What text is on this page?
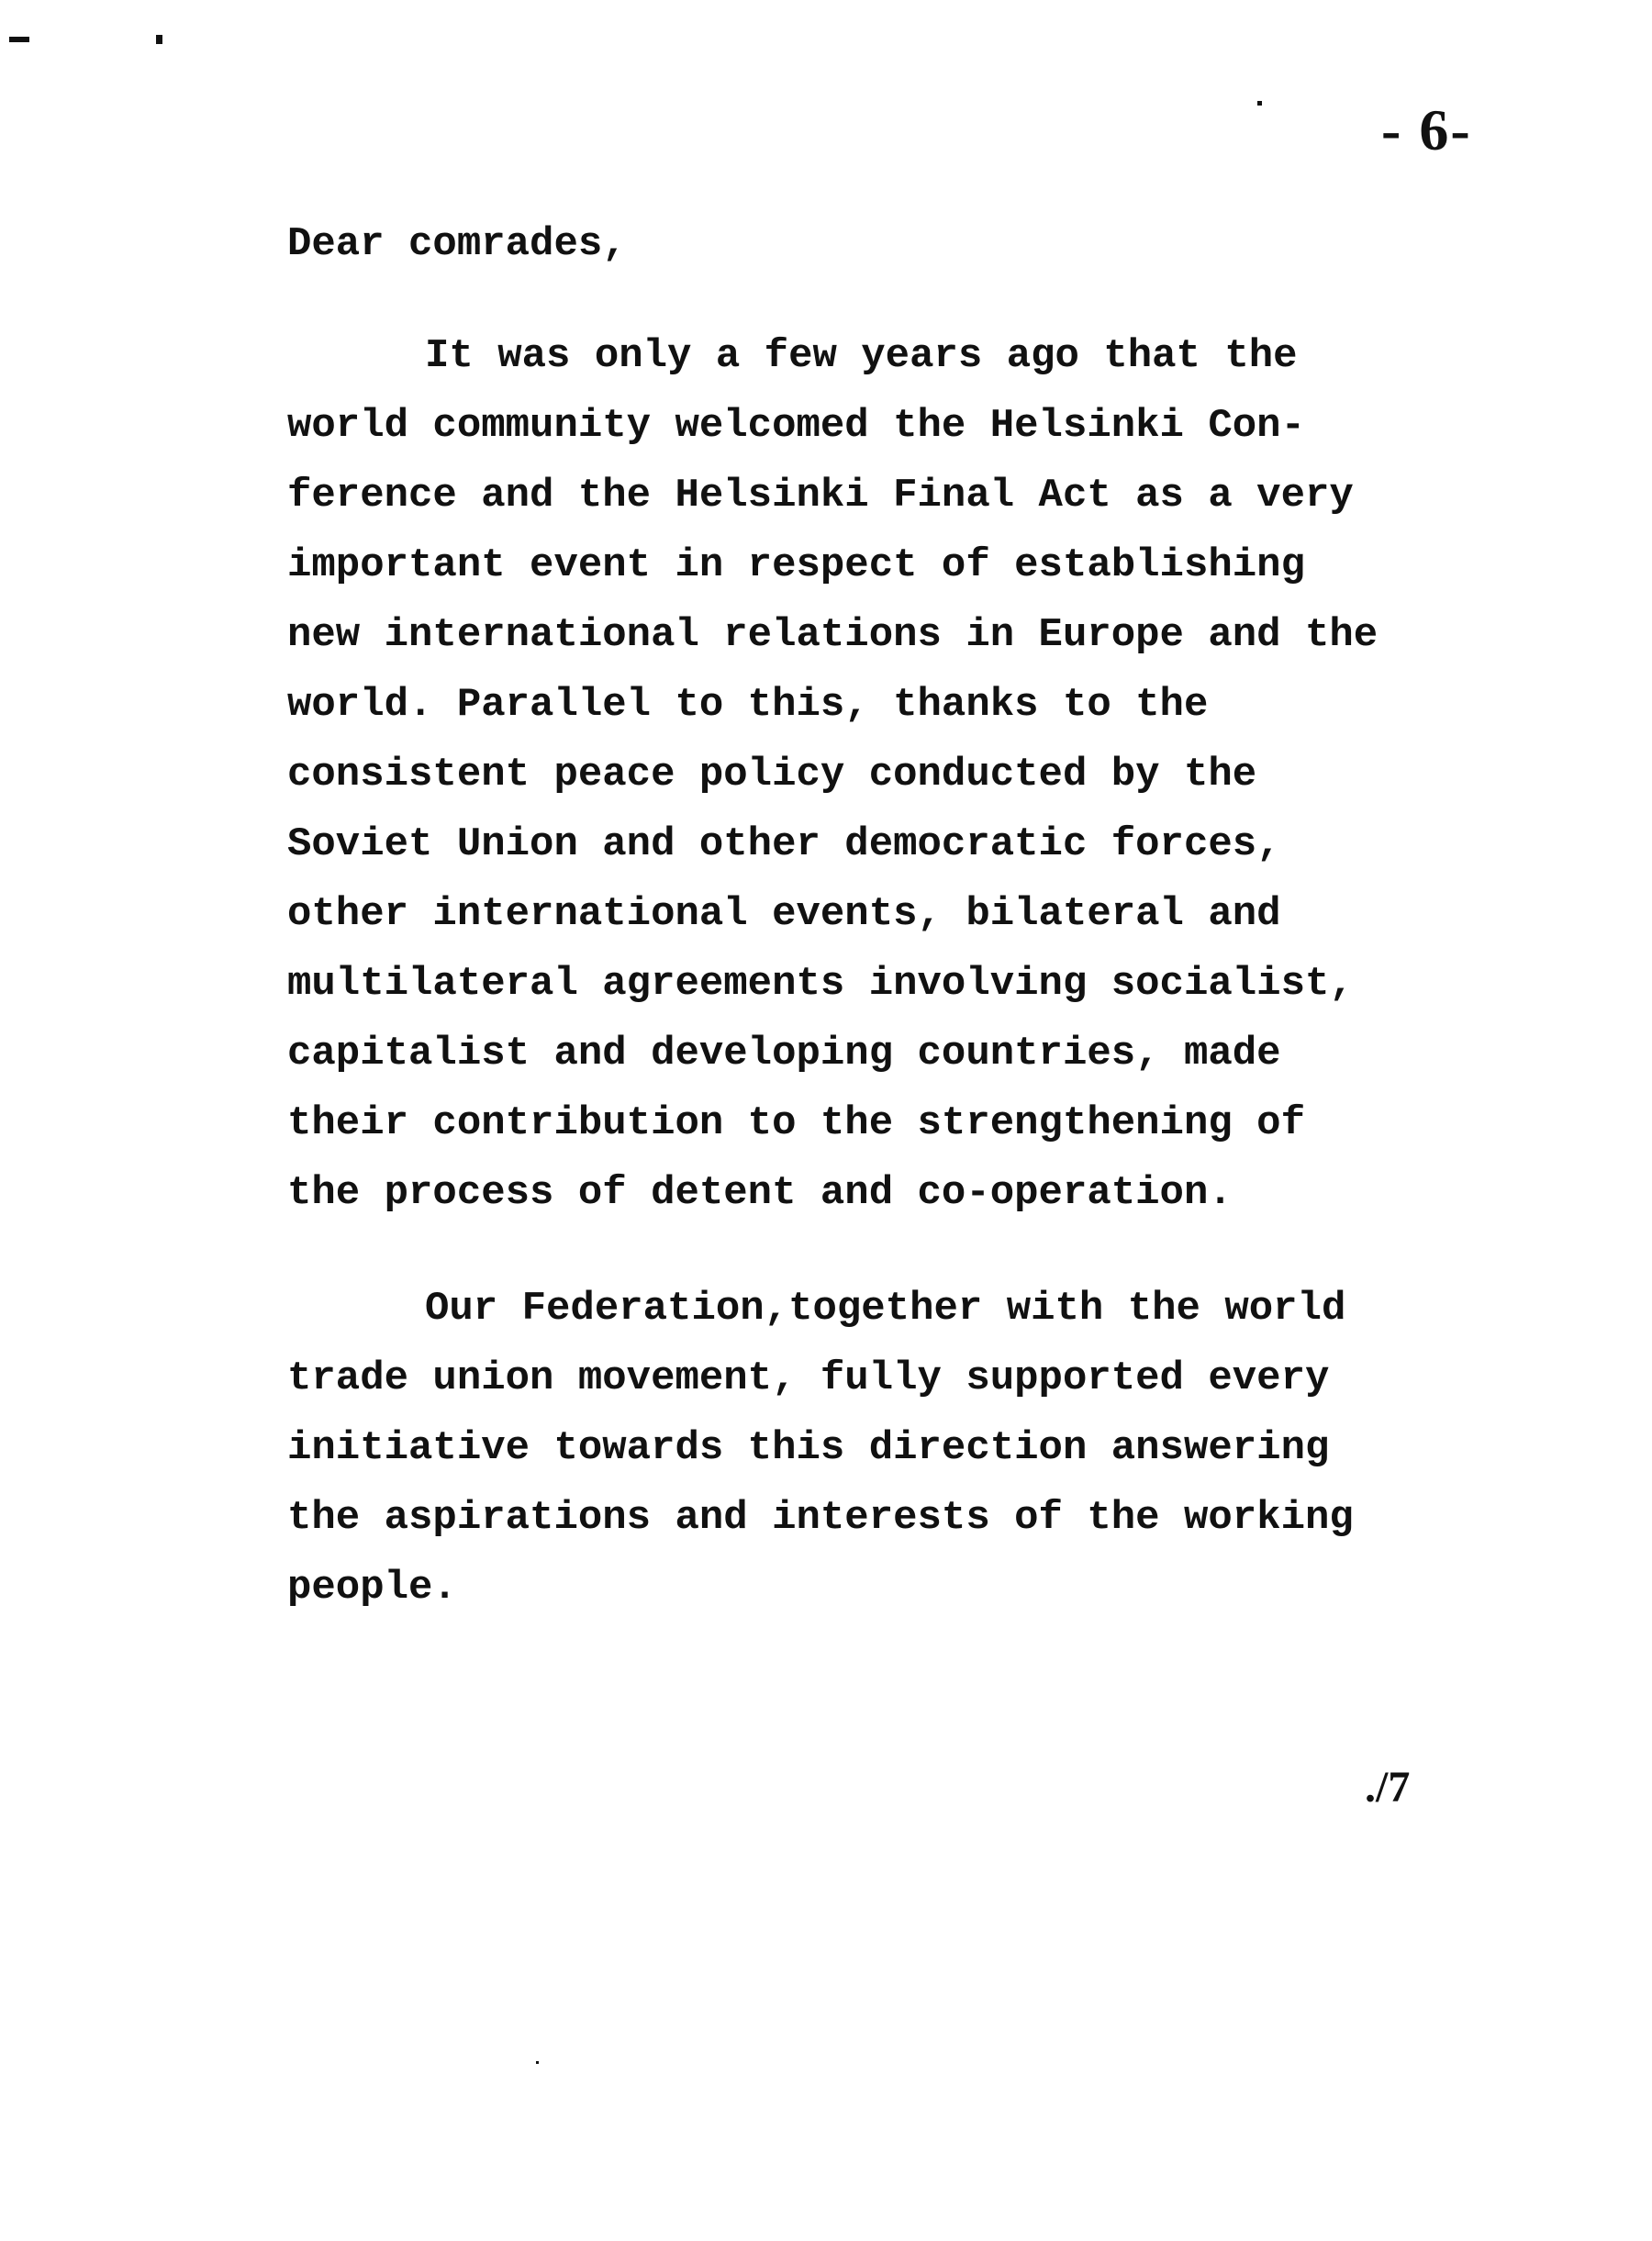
- 6-
Dear comrades,
It was only a few years ago that the
world community welcomed the Helsinki Con-
ference and the Helsinki Final Act as a very
important event in respect of establishing
new international relations in Europe and the
world. Parallel to this, thanks to the
consistent peace policy conducted by the
Soviet Union and other democratic forces,
other international events, bilateral and
multilateral agreements involving socialist,
capitalist and developing countries, made
their contribution to the strengthening of
the process of detent and co-operation.
Our Federation,together with the world
trade union movement, fully supported every
initiative towards this direction answering
the aspirations and interests of the working
people.
./7
